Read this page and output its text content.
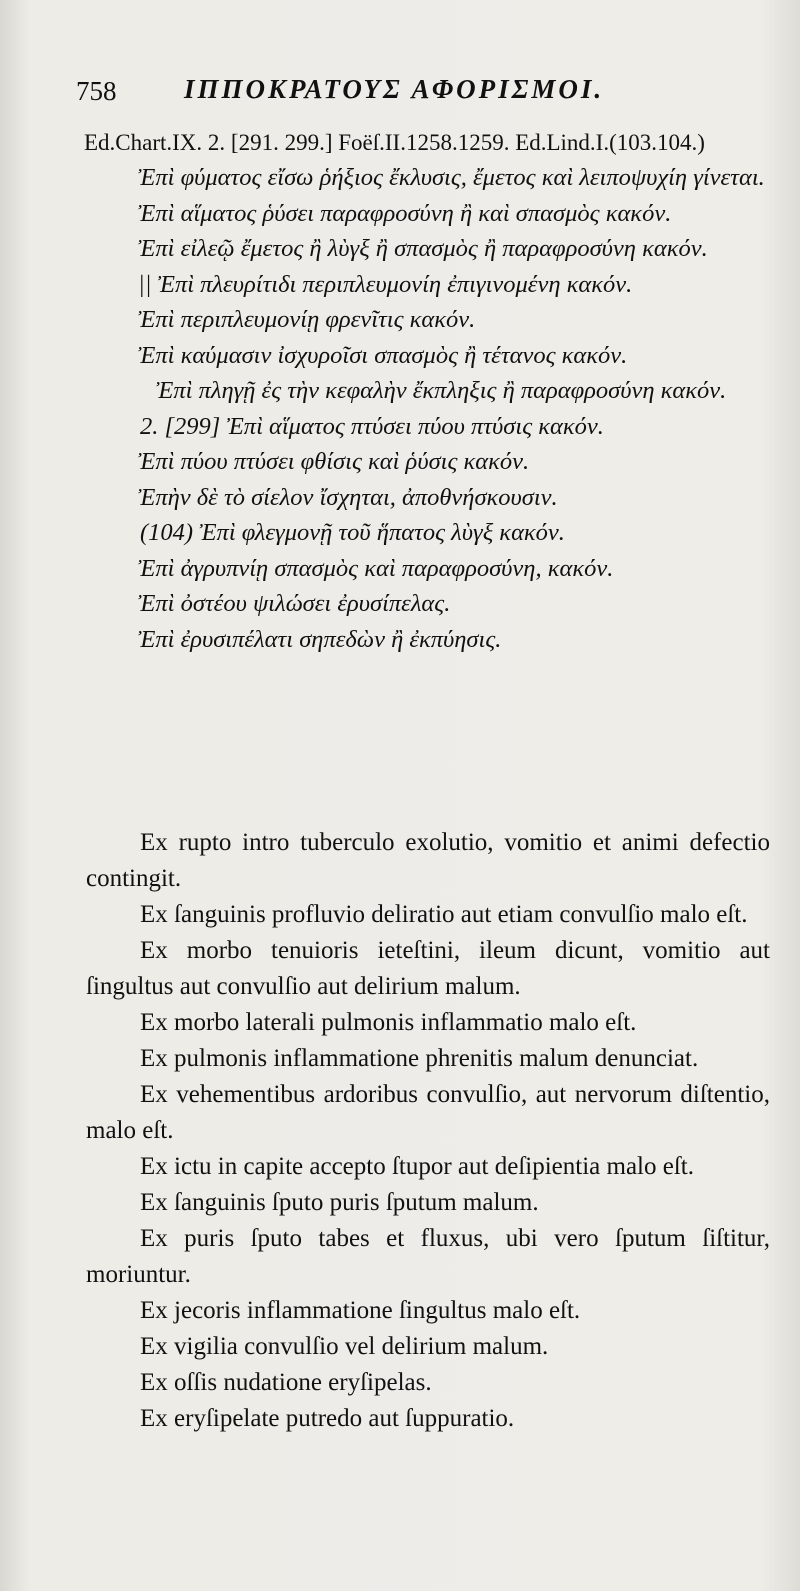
758	ΙΠΠΟΚΡΑΤΟΥΣ ΑΦΟΡΙΣΜΟΙ.
Ed.Chart.IX. 2. [291. 299.] Foëſ.II.1258.1259. Ed.Lind.I.(103.104.)

Ἐπὶ φύματος εἴσω ῥήξιος ἔκλυσις, ἔμετος καὶ λειποψυχίη γίνεται.

Ἐπὶ αἵματος ῥύσει παραφροσύνη ἢ καὶ σπασμὸς κακόν.

Ἐπὶ εἰλεῷ ἔμετος ἢ λὺγξ ἢ σπασμὸς ἢ παραφροσύνη κακόν.

|| Ἐπὶ πλευρίτιδι περιπλευμονίη ἐπιγινομένη κακόν.

Ἐπὶ περιπλευμονίῃ φρενῖτις κακόν.

Ἐπὶ καύμασιν ἰσχυροῖσι σπασμὸς ἢ τέτανος κακόν.

Ἐπὶ πληγῇ ἐς τὴν κεφαλὴν ἔκπληξις ἢ παραφροσύνη κακόν.

2. [299] Ἐπὶ αἵματος πτύσει πύου πτύσις κακόν.

Ἐπὶ πύου πτύσει φθίσις καὶ ῥύσις κακόν.

Ἐπὴν δὲ τὸ σίελον ἴσχηται, ἀποθνήσκουσιν.

(104) Ἐπὶ φλεγμονῇ τοῦ ἥπατος λὺγξ κακόν.

Ἐπὶ ἀγρυπνίῃ σπασμὸς καὶ παραφροσύνη, κακόν.

Ἐπὶ ὀστέου ψιλώσει ἐρυσίπελας.

Ἐπὶ ἐρυσιπέλατι σηπεδὼν ἢ ἐκπύησις.

Ex rupto intro tuberculo exolutio, vomitio et animi defectio contingit.

Ex ſanguinis profluvio deliratio aut etiam convulſio malo eſt.

Ex morbo tenuioris ieteſtini, ileum dicunt, vomitio aut ſingultus aut convulſio aut delirium malum.

Ex morbo laterali pulmonis inflammatio malo eſt.

Ex pulmonis inflammatione phrenitis malum denunciat.

Ex vehementibus ardoribus convulſio, aut nervorum diſtentio, malo eſt.

Ex ictu in capite accepto ſtupor aut deſipientia malo eſt.

Ex ſanguinis ſputo puris ſputum malum.

Ex puris ſputo tabes et fluxus, ubi vero ſputum ſiſtitur, moriuntur.

Ex jecoris inflammatione ſingultus malo eſt.

Ex vigilia convulſio vel delirium malum.

Ex oſſis nudatione eryſipelas.

Ex eryſipelate putredo aut ſuppuratio.
